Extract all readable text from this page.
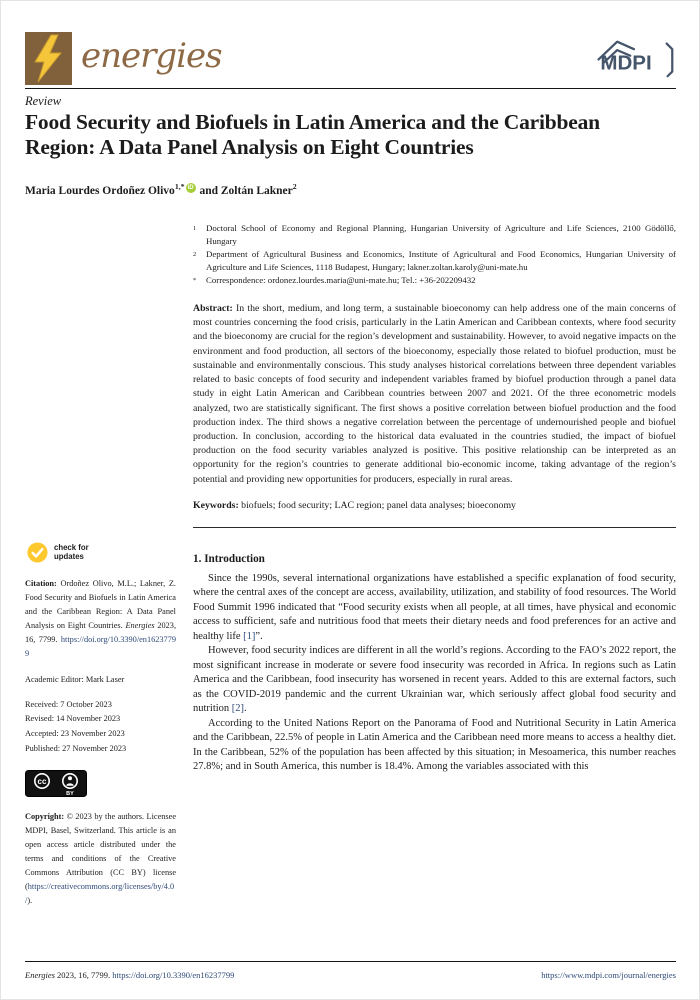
energies	MDPI
Review
Food Security and Biofuels in Latin America and the Caribbean Region: A Data Panel Analysis on Eight Countries
Maria Lourdes Ordoñez Olivo$^{1,*}$ iD and Zoltán Lakner$^2$
1	Doctoral School of Economy and Regional Planning, Hungarian University of Agriculture and Life Sciences, 2100 Gödöllő, Hungary
2	Department of Agricultural Business and Economics, Institute of Agricultural and Food Economics, Hungarian University of Agriculture and Life Sciences, 1118 Budapest, Hungary; lakner.zoltan.karoly@uni-mate.hu
*	Correspondence: ordonez.lourdes.maria@uni-mate.hu; Tel.: +36-202209432
Abstract: In the short, medium, and long term, a sustainable bioeconomy can help address one of the main concerns of most countries concerning the food crisis, particularly in the Latin American and Caribbean contexts, where food security and the bioeconomy are crucial for the region’s development and sustainability. However, to avoid negative impacts on the environment and food production, all sectors of the bioeconomy, especially those related to biofuel production, must be sustainable and environmentally conscious. This study analyses historical correlations between three dependent variables related to basic concepts of food security and independent variables framed by biofuel production through a panel data study in eight Latin American and Caribbean countries between 2007 and 2021. Of the three econometric models analyzed, two are statistically significant. The first shows a positive correlation between biofuel production and the food production index. The third shows a negative correlation between the percentage of undernourished people and biofuel production. In conclusion, according to the historical data evaluated in the countries studied, the impact of biofuel production on the food security variables analyzed is positive. This positive relationship can be interpreted as an opportunity for the region’s countries to generate additional bio-economic income, taking advantage of the region’s potential and providing new opportunities for producers, especially in rural areas.
Keywords: biofuels; food security; LAC region; panel data analyses; bioeconomy
1. Introduction

Since the 1990s, several international organizations have established a specific explanation of food security, where the central axes of the concept are access, availability, utilization, and stability of food resources. The World Food Summit 1996 indicated that “Food security exists when all people, at all times, have physical and economic access to sufficient, safe and nutritious food that meets their dietary needs and food preferences for an active and healthy life [1]”.

However, food security indices are different in all the world’s regions. According to the FAO’s 2022 report, the most significant increase in moderate or severe food insecurity was recorded in Africa. In regions such as Latin America and the Caribbean, food insecurity has worsened in recent years. Added to this are external factors, such as the COVID-2019 pandemic and the current Ukrainian war, which seriously affect global food security and nutrition [2].

According to the United Nations Report on the Panorama of Food and Nutritional Security in Latin America and the Caribbean, 22.5% of people in Latin America and the Caribbean need more means to access a healthy diet. In the Caribbean, 52% of the population has been affected by this situation; in Mesoamerica, this number reaches 27.8%; and in South America, this number is 18.4%. Among the variables associated with this

check for
updates
Citation: Ordoñez Olivo, M.L.; Lakner, Z. Food Security and Biofuels in Latin America and the Caribbean Region: A Data Panel Analysis on Eight Countries. Energies 2023, 16, 7799. https://doi.org/10.3390/en16237799
Academic Editor: Mark Laser
Received: 7 October 2023
Revised: 14 November 2023
Accepted: 23 November 2023
Published: 27 November 2023
cc
BY
Copyright: © 2023 by the authors. Licensee MDPI, Basel, Switzerland. This article is an open access article distributed under the terms and conditions of the Creative Commons Attribution (CC BY) license (https://creativecommons.org/licenses/by/4.0/).
Energies 2023, 16, 7799. https://doi.org/10.3390/en16237799	https://www.mdpi.com/journal/energies
